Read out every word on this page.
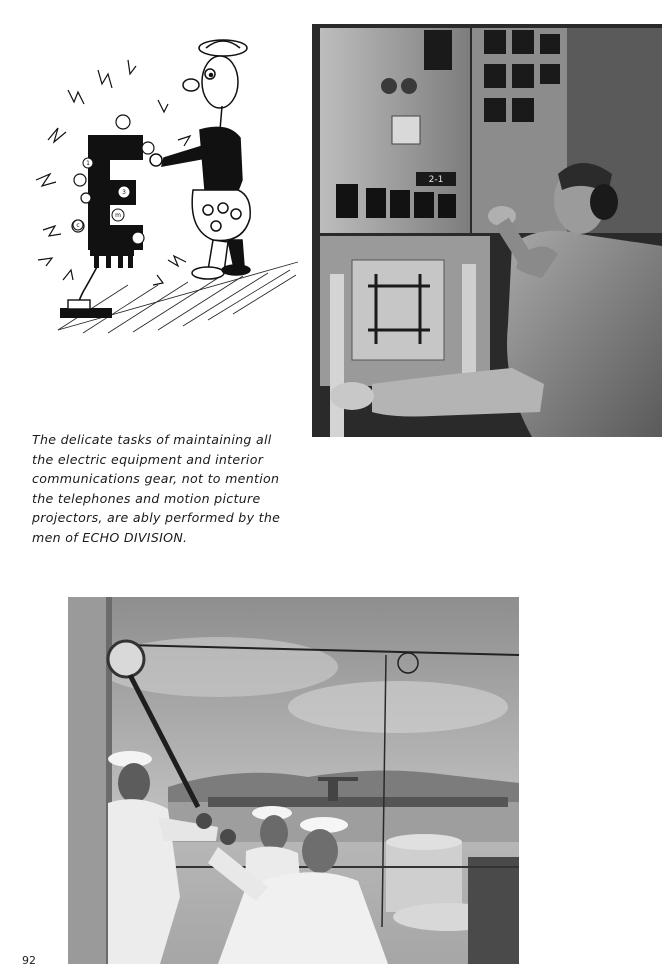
1
3
m
c
2-1

The delicate tasks of maintaining all the electric equipment and interior communications gear, not to mention the telephones and motion picture projectors, are ably performed by the men of ECHO DIVISION.

92
